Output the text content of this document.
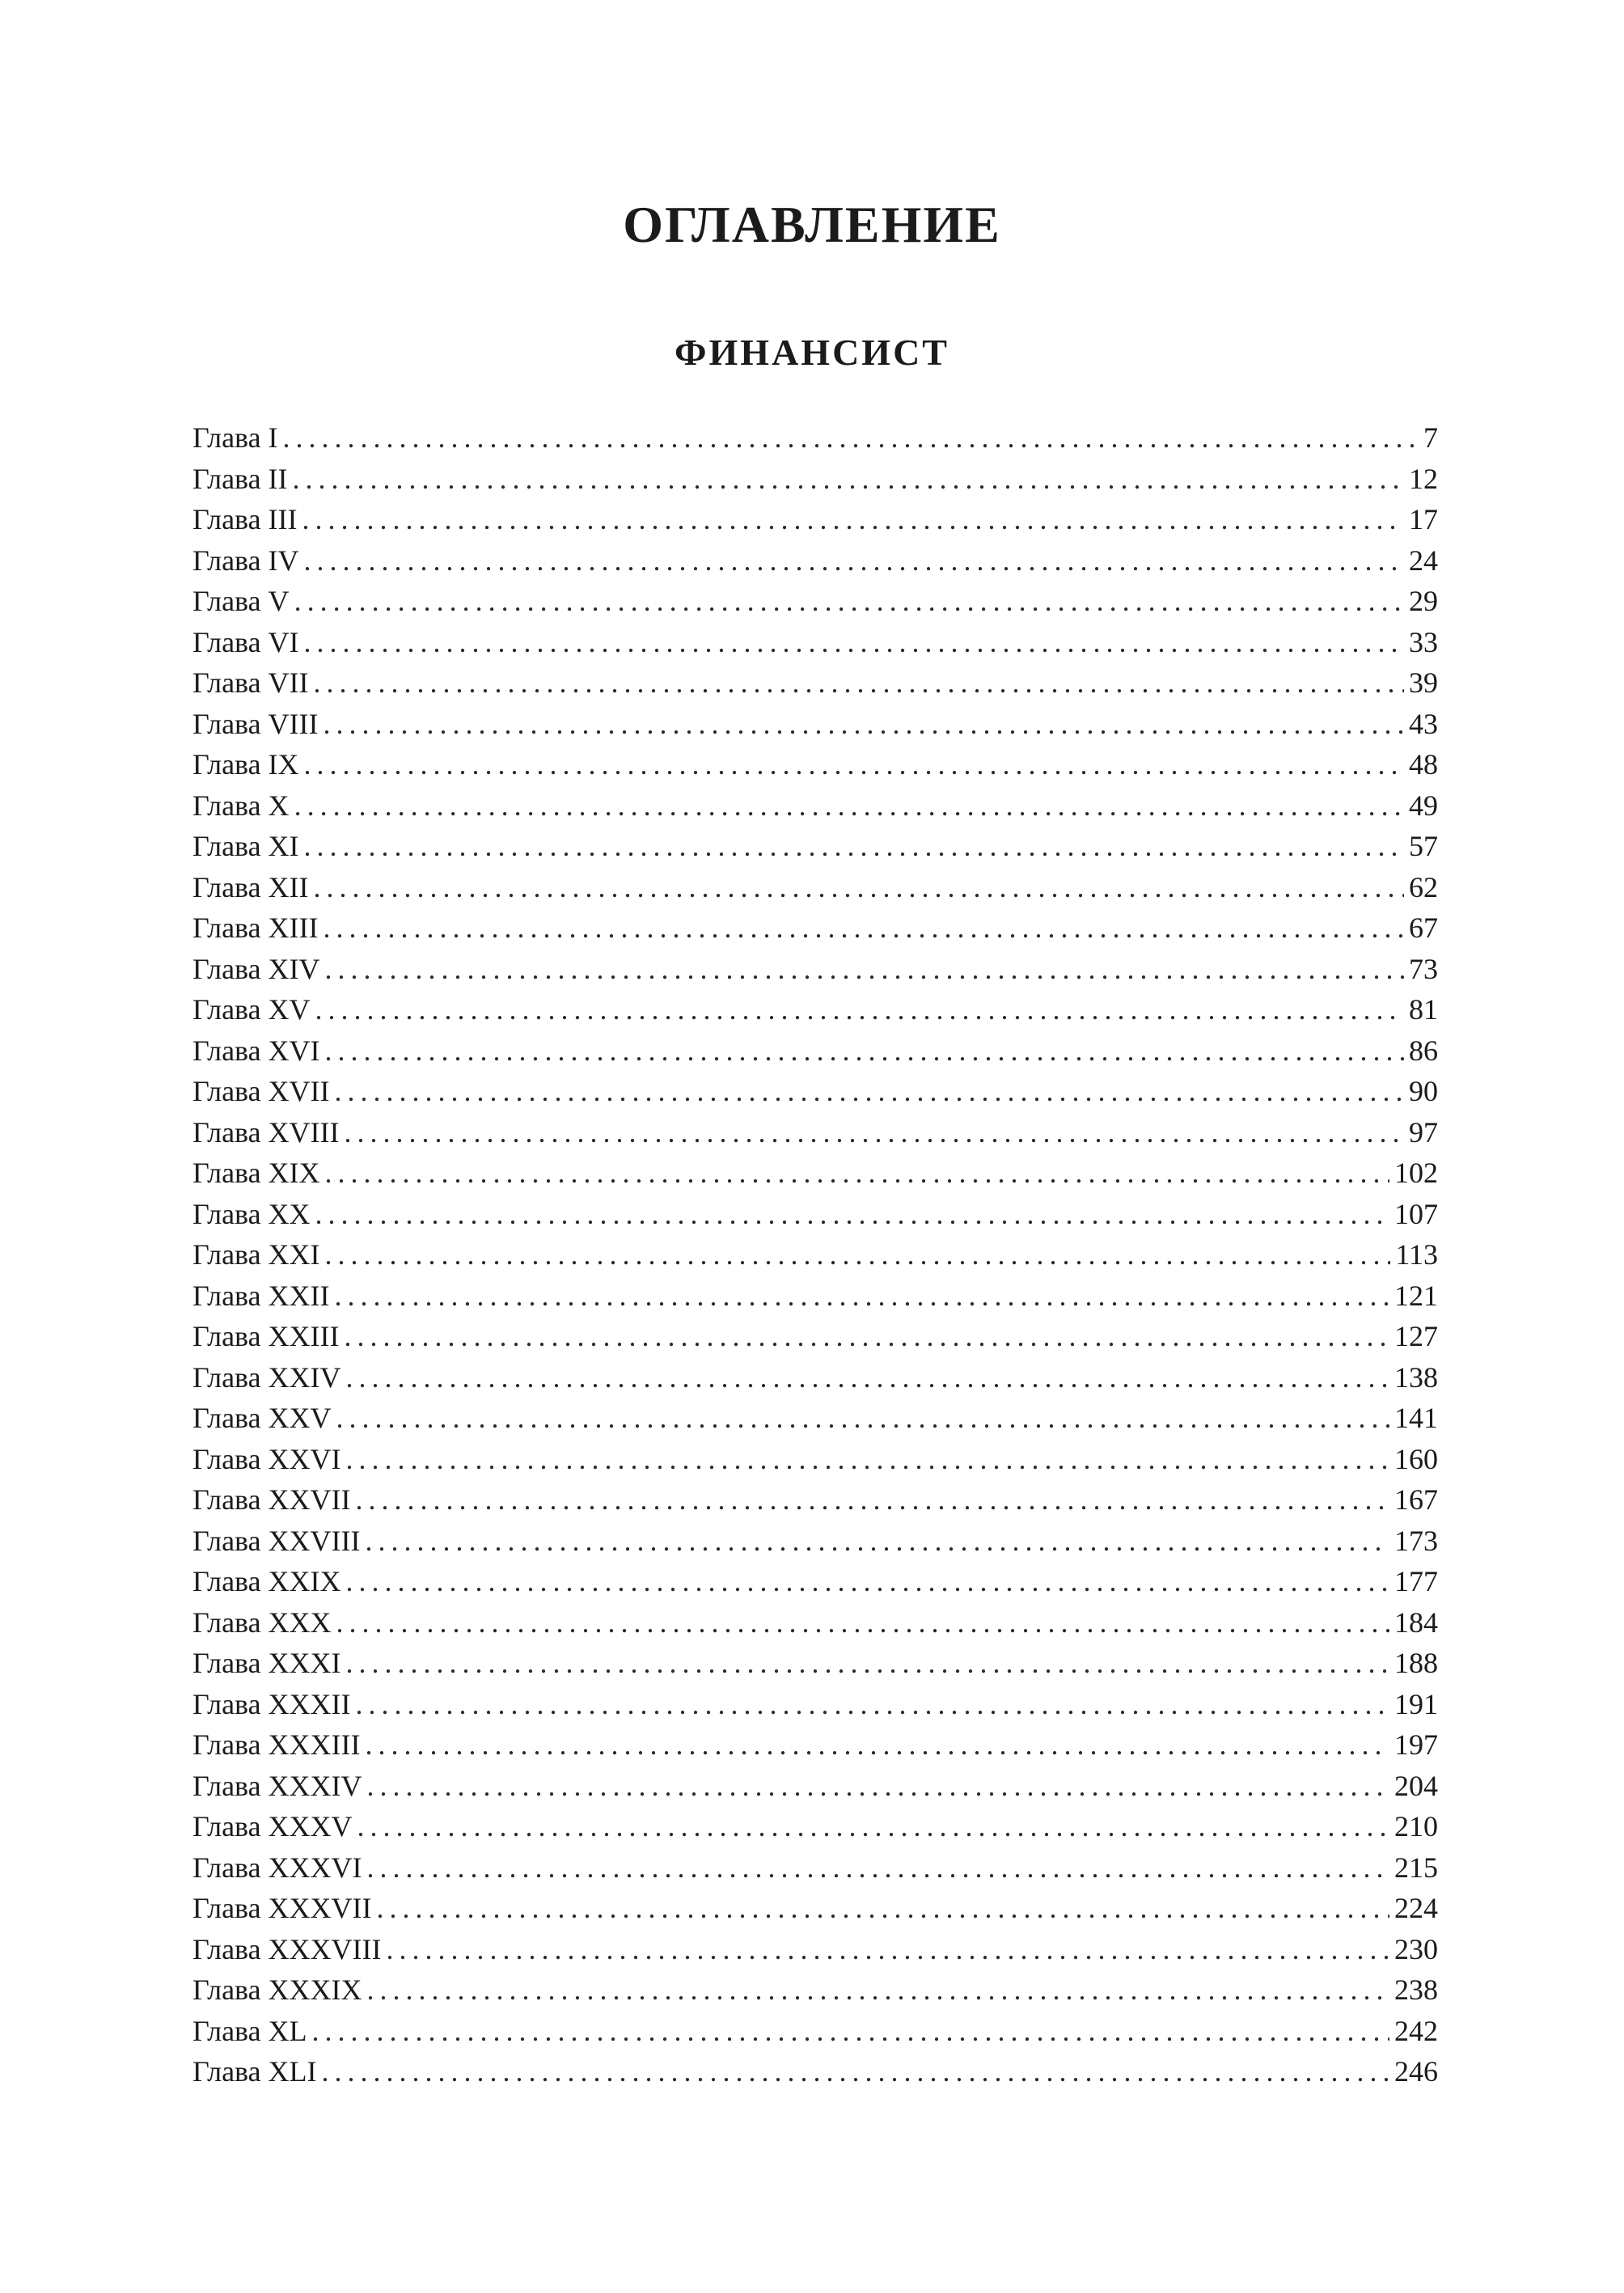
ОГЛАВЛЕНИЕ
ФИНАНСИСТ
Глава I .....	7
Глава II .....	12
Глава III .....	17
Глава IV .....	24
Глава V .....	29
Глава VI .....	33
Глава VII .....	39
Глава VIII .....	43
Глава IX .....	48
Глава X .....	49
Глава XI .....	57
Глава XII .....	62
Глава XIII .....	67
Глава XIV .....	73
Глава XV .....	81
Глава XVI .....	86
Глава XVII .....	90
Глава XVIII .....	97
Глава XIX .....	102
Глава XX .....	107
Глава XXI .....	113
Глава XXII .....	121
Глава XXIII .....	127
Глава XXIV .....	138
Глава XXV .....	141
Глава XXVI .....	160
Глава XXVII .....	167
Глава XXVIII .....	173
Глава XXIX .....	177
Глава XXX .....	184
Глава XXXI .....	188
Глава XXXII .....	191
Глава XXXIII .....	197
Глава XXXIV .....	204
Глава XXXV .....	210
Глава XXXVI .....	215
Глава XXXVII .....	224
Глава XXXVIII .....	230
Глава XXXIX .....	238
Глава XL .....	242
Глава XLI .....	246
